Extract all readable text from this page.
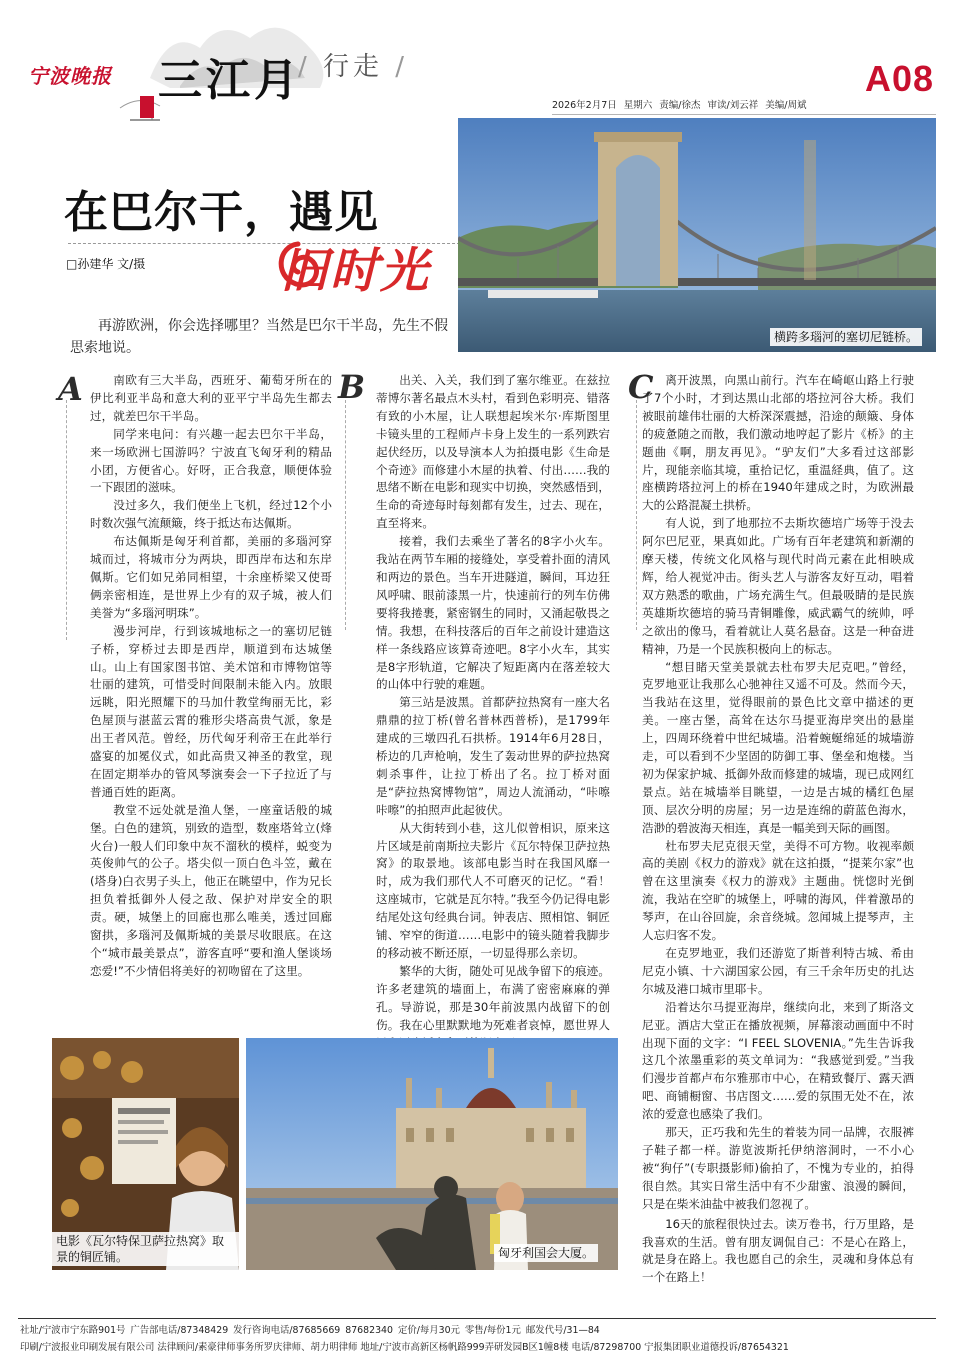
宁波晚报 三江月
/ 行走 /	A08
2026年2月7日 星期六 责编/徐杰 审读/刘云祥 美编/周斌
在巴尔干，遇见
旧时光
□孙建华 文/摄
再游欧洲，你会选择哪里？当然是巴尔干半岛，先生不假思索地说。
横跨多瑙河的塞切尼链桥。
A	南欧有三大半岛，西班牙、葡萄牙所在的伊比利亚半岛和意大利的亚平宁半岛先生都去过，就差巴尔干半岛。

同学来电问：有兴趣一起去巴尔干半岛，来一场欧洲七国游吗？宁波直飞匈牙利的精品小团，方便省心。好呀，正合我意，顺便体验一下跟团的滋味。

没过多久，我们便坐上飞机，经过12个小时数次强气流颠簸，终于抵达布达佩斯。

布达佩斯是匈牙利首都，美丽的多瑙河穿城而过，将城市分为两块，即西岸布达和东岸佩斯。它们如兄弟同相望，十余座桥梁又使哥俩亲密相连，是世界上少有的双子城，被人们美誉为“多瑙河明珠”。

漫步河岸，行到该城地标之一的塞切尼链子桥，穿桥过去即是西岸，顺道到布达城堡山。山上有国家图书馆、美术馆和市博物馆等壮丽的建筑，可惜受时间限制未能入内。放眼远眺，阳光照耀下的马加什教堂绚丽无比，彩色屋顶与湛蓝云霄的雅形尖塔高贵气派，象是出王者风范。曾经，历代匈牙利帝王在此举行盛宴的加冕仪式，如此高贵又神圣的教堂，现在固定期举办的管风琴演奏会一下子拉近了与普通百姓的距离。

教堂不远处就是渔人堡，一座童话般的城堡。白色的建筑，别致的造型，数座塔耸立(烽火台)一般人们印象中灰不溜秋的模样，蜕变为英俊帅气的公子。塔尖似一顶白色斗笠，戴在(塔身)白衣男子头上，他正在眺望中，作为兄长担负着抵御外人侵之敌、保护对岸安全的职责。硬，城堡上的回廊也那么唯美，透过回廊窗拱，多瑙河及佩斯城的美景尽收眼底。在这个“城市最美景点”，游客直呼“要和渔人堡谈场恋爱!”不少情侣将美好的初吻留在了这里。

B	出关、入关，我们到了塞尔维亚。在兹拉蒂博尔著名最点木头村，看到色彩明亮、错落有致的小木屋，让人联想起埃米尔·库斯图里卡镜头里的工程师卢卡身上发生的一系列跌宕起伏经历，以及导演本人为拍摄电影《生命是个奇迹》而修建小木屋的执着、付出……我的思绪不断在电影和现实中切换，突然感悟到，生命的奇迹每时每刻都有发生，过去、现在，直至将来。

接着，我们去乘坐了著名的8字小火车。我站在两节车厢的接缝处，享受着扑面的清风和两边的景色。当车开进隧道，瞬间，耳边狂风呼啸、眼前漆黑一片，快速前行的列车仿佛要将我捲裹，紧密钢生的同时，又涌起敬畏之情。我想，在科技落后的百年之前设计建造这样一条线路应该算奇迹吧。8字小火车，其实是8字形轨道，它解决了短距离内在落差较大的山体中行驶的难题。

第三站是波黑。首都萨拉热窝有一座大名鼎鼎的拉丁桥(曾名普林西普桥)，是1799年建成的三墩四孔石拱桥。1914年6月28日，桥边的几声枪响，发生了轰动世界的萨拉热窝刺杀事件，让拉丁桥出了名。拉丁桥对面是“萨拉热窝博物馆”，周边人流涌动，“咔嚓咔嚓”的拍照声此起彼伏。

从大街转到小巷，这儿似曾相识，原来这片区域是前南斯拉夫影片《瓦尔特保卫萨拉热窝》的取景地。该部电影当时在我国风靡一时，成为我们那代人不可磨灭的记忆。“看！这座城市，它就是瓦尔特。”我至今仍记得电影结尾处这句经典台词。钟表店、照相馆、铜匠铺、窄窄的街道……电影中的镜头随着我脚步的移动被不断还原，一切显得那么亲切。

繁华的大街，随处可见战争留下的痕迹。许多老建筑的墙面上，布满了密密麻麻的弹孔。导游说，那是30年前波黑内战留下的创伤。我在心里默默地为死难者哀悼，愿世界人

C	离开波黑，向黑山前行。汽车在崎岖山路上行驶了7个小时，才到达黑山北部的塔拉河谷大桥。我们被眼前雄伟壮丽的大桥深深震撼，沿途的颠簸、身体的疲惫随之而散，我们激动地哼起了影片《桥》的主题曲《啊，朋友再见》。“驴友们”大多看过这部影片，现能亲临其境，重拾记忆，重温経典，值了。这座横跨塔拉河上的桥在1940年建成之时，为欧洲最大的公路混凝土拱桥。

有人说，到了地那拉不去斯坎德培广场等于没去阿尔巴尼亚，果真如此。广场有百年老建筑和新潮的摩天楼，传统文化风格与现代时尚元素在此相映成辉，给人视觉冲击。街头艺人与游客友好互动，唱着双方熟悉的歌曲，广场充满生气。但最吸睛的是民族英雄斯坎德培的骑马青铜雕像，威武霸气的统帅，呼之欲出的像马，看着就让人莫名悬奋。这是一种奋进精神，乃是一个民族积极向上的标志。

“想目睹天堂美景就去杜布罗夫尼克吧。”曾经，克罗地亚让我那么心驰神往又遥不可及。然而今天，当我站在这里，觉得眼前的景色比文章中描述的更美。一座古堡，高耸在达尔马提亚海岸突出的悬崖上，四周环绕着中世纪城墙。沿着蜿蜒绵延的城墙游走，可以看到不少坚固的防御工事、堡垒和炮楼。当初为保家护城、抵御外敌而修建的城墙，现已成网红景点。站在城墙举目眺望，一边是古城的橘红色屋顶、层次分明的房屋；另一边是连绵的蔚蓝色海水，浩渺的碧波海天相连，真是一幅美到天际的画图。

杜布罗夫尼克很天堂，美得不可方物。收视率颇高的美剧《权力的游戏》就在这拍摄，“提莱尔家”也曾在这里演奏《权力的游戏》主题曲。恍惚时光倒流，我站在空旷的城堡上，呼啸的海风，伴着激昂的琴声，在山谷回旋，余音绕城。忽闻城上提琴声，主人忘归客不发。

在克罗地亚，我们还游览了斯普利特古城、希由尼克小镇、十六湖国家公园，有三千余年历史的扎达尔城及港口城市里耶卡。

沿着达尔马提亚海岸，继续向北，来到了斯洛文尼亚。酒店大堂正在播放视频，屏幕滚动画面中不时出现下面的文字：“I FEEL SLOVENIA。”先生告诉我这几个浓墨重彩的英文单词为：“我感觉到爱。”当我们漫步首都卢布尔雅那市中心，在精致餐厅、露天酒吧、商铺橱窗、书店图文……爱的氛围无处不在，浓浓的爱意也感染了我们。

那天，正巧我和先生的着装为同一品牌，衣服裤子鞋子都一样。游览波斯托伊纳溶洞时，一不小心被“狗仔”(专职摄影师)偷拍了，不愧为专业的，拍得很自然。其实日常生活中有不少甜蜜、浪漫的瞬间，只是在柴米油盐中被我们忽视了。

16天的旅程很快过去。读万卷书，行万里路，是我喜欢的生活。曾有朋友调侃自己：不是心在路上，就是身在路上。我也愿自己的余生，灵魂和身体总有一个在路上！

电影《瓦尔特保卫萨拉热窝》取景的铜匠铺。	匈牙利国会大厦。
社址/宁波市宁东路901号 广告部电话/87348429 发行咨询电话/87685669 87682340 定价/每月30元 零售/每份1元 邮发代号/31—84
印刷/宁波报业印刷发展有限公司 法律顾问/素豪律师事务所罗庆律师、胡力明律师 地址/宁波市高新区杨帆路999弄研发园B区1幢8楼 电话/87298700 宁报集团职业道德投诉/87654321
